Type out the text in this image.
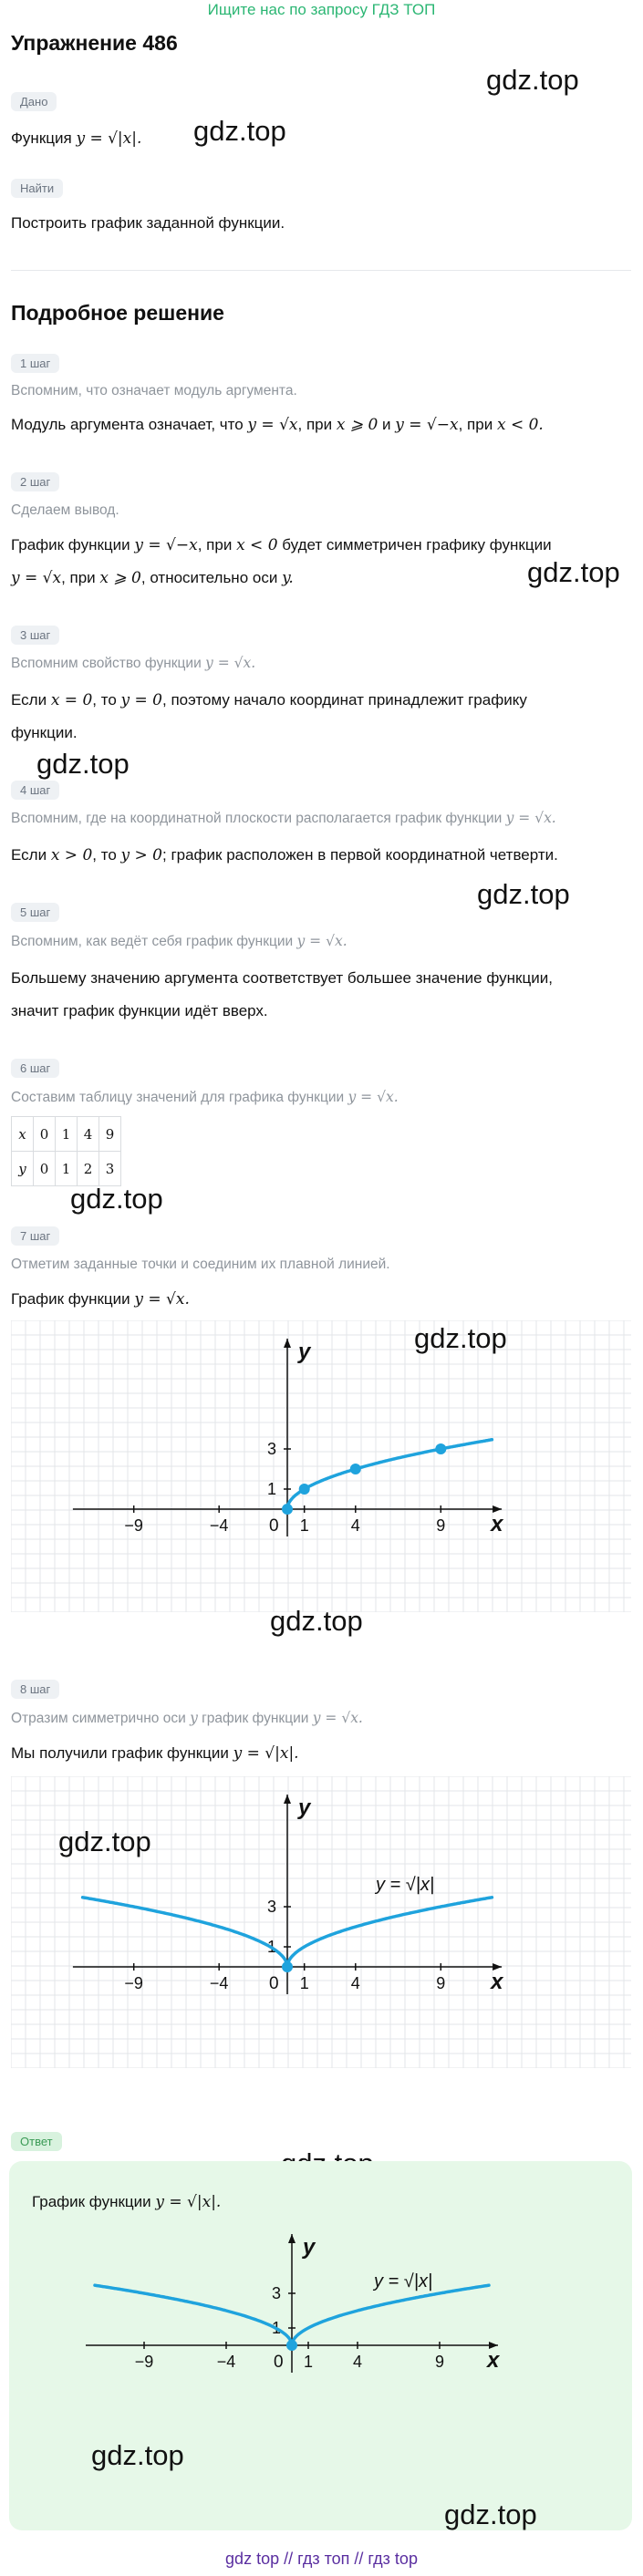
Ищите нас по запросу ГДЗ ТОП
Упражнение 486
gdz.top
Дано
Функция y = √|x|. gdz.top
Найти
Построить график заданной функции.
Подробное решение
1 шаг
Вспомним, что означает модуль аргумента.
Модуль аргумента означает, что y = √x, при x ⩾ 0 и y = √−x, при x < 0.
2 шаг
Сделаем вывод.
График функции y = √−x, при x < 0 будет симметричен графику функции
y = √x, при x ⩾ 0, относительно оси y.	gdz.top
3 шаг
Вспомним свойство функции y = √x.
Если x = 0, то y = 0, поэтому начало координат принадлежит графику
функции.
gdz.top
4 шаг
Вспомним, где на координатной плоскости располагается график функции y = √x.
Если x > 0, то y > 0; график расположен в первой координатной четверти.
gdz.top
5 шаг
Вспомним, как ведёт себя график функции y = √x.
Большему значению аргумента соответствует большее значение функции,
значит график функции идёт вверх.
6 шаг
Составим таблицу значений для графика функции y = √x.
x	0	1	4	9
y	0	1	2	3
gdz.top
7 шаг
Отметим заданные точки и соединим их плавной линией.
График функции y = √x.
x
y
0
−9	−4	1	4	9
1
3
gdz.top
gdz.top
8 шаг
Отразим симметрично оси y график функции y = √x.
Мы получили график функции y = √|x|.
x
y
0
−9	−4	1	4	9
1
3
y = √|x|
gdz.top
Ответ
График функции y = √|x|.
x
y
0
−9	−4	1 4	9
1
3
y = √|x|
gdz.top
gdz.top
gdz top // гдз топ // гдз top
